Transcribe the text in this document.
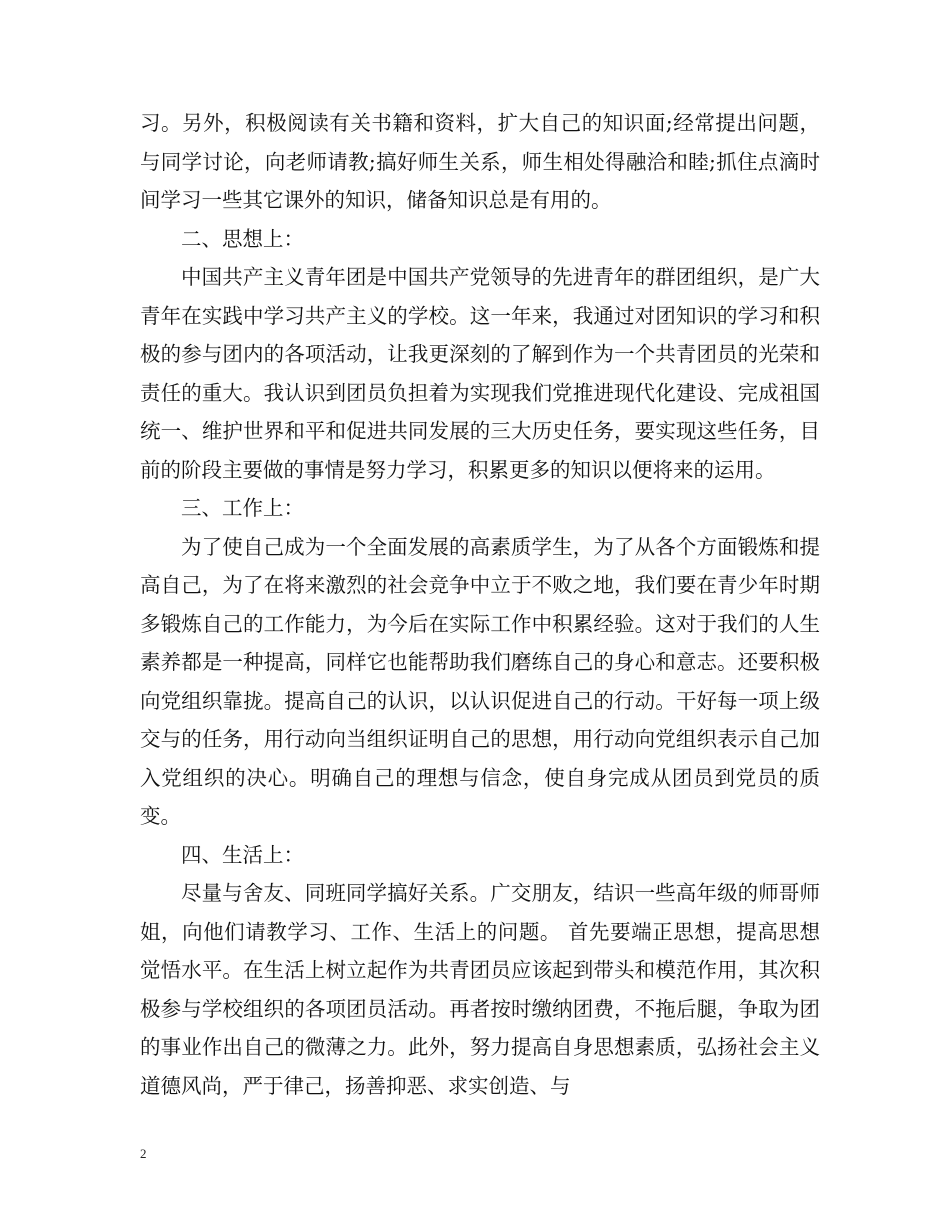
习。另外，积极阅读有关书籍和资料，扩大自己的知识面;经常提出问题，与同学讨论，向老师请教;搞好师生关系，师生相处得融洽和睦;抓住点滴时间学习一些其它课外的知识，储备知识总是有用的。

二、思想上：

中国共产主义青年团是中国共产党领导的先进青年的群团组织，是广大青年在实践中学习共产主义的学校。这一年来，我通过对团知识的学习和积极的参与团内的各项活动，让我更深刻的了解到作为一个共青团员的光荣和责任的重大。我认识到团员负担着为实现我们党推进现代化建设、完成祖国统一、维护世界和平和促进共同发展的三大历史任务，要实现这些任务，目前的阶段主要做的事情是努力学习，积累更多的知识以便将来的运用。

三、工作上：

为了使自己成为一个全面发展的高素质学生，为了从各个方面锻炼和提高自己，为了在将来激烈的社会竞争中立于不败之地，我们要在青少年时期多锻炼自己的工作能力，为今后在实际工作中积累经验。这对于我们的人生素养都是一种提高，同样它也能帮助我们磨练自己的身心和意志。还要积极向党组织靠拢。提高自己的认识，以认识促进自己的行动。干好每一项上级交与的任务，用行动向当组织证明自己的思想，用行动向党组织表示自己加入党组织的决心。明确自己的理想与信念，使自身完成从团员到党员的质变。

四、生活上：

尽量与舍友、同班同学搞好关系。广交朋友，结识一些高年级的师哥师姐，向他们请教学习、工作、生活上的问题。 首先要端正思想，提高思想觉悟水平。在生活上树立起作为共青团员应该起到带头和模范作用，其次积极参与学校组织的各项团员活动。再者按时缴纳团费，不拖后腿，争取为团的事业作出自己的微薄之力。此外，努力提高自身思想素质，弘扬社会主义道德风尚，严于律己，扬善抑恶、求实创造、与

2
